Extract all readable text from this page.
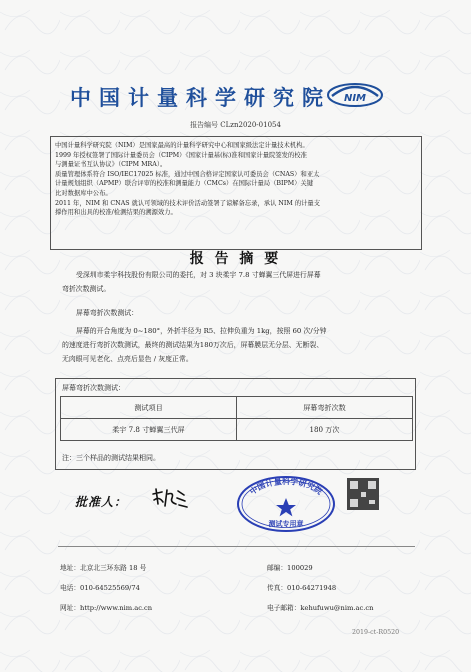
中国计量科学研究院 NIM
报告编号 CLzn2020-01054

中国计量科学研究院（NIM）是国家最高的计量科学研究中心和国家级法定计量技术机构。

1999 年授权签署了国际计量委员会（CIPM）《国家计量基(标)准和国家计量院签发的校准

与测量证书互认协议》（CIPM MRA）。

质量管理体系符合 ISO/IEC17025 标准，通过中国合格评定国家认可委员会（CNAS）和亚太

计量规划组织（APMP）联合评审的校准和测量能力（CMCs）在国际计量局（BIPM）关键

比对数据库中公布。

2011 年，NIM 和 CNAS 就认可领域的技术评价活动签署了谅解备忘录，承认 NIM 的计量支

撑作用和出具的校准/检测结果的溯源效力。

报 告 摘 要
受深圳市柔宇科技股份有限公司的委托，对 3 块柔宇 7.8 寸蝉翼三代屏进行屏幕
弯折次数测试。
屏幕弯折次数测试：
屏幕的开合角度为 0~180°，外折半径为 R5、拉伸负重为 1kg，按照 60 次/分钟
的速度进行弯折次数测试，最终的测试结果为180万次后，屏幕膜层无分层、无断裂、
无肉眼可见老化、点亮后显色 / 灰度正常。
屏幕弯折次数测试：
测试项目	屏幕弯折次数
柔宇 7.8 寸蝉翼三代屏	180 万次
注：三个样品的测试结果相同。
批准人：
中国计量科学研究院
测试专用章
地址：北京北三环东路 18 号	邮编：100029
电话：010-64525569/74	传真：010-64271948
网址：http://www.nim.ac.cn	电子邮箱：kehufuwu@nim.ac.cn
2019-ct-R0520
